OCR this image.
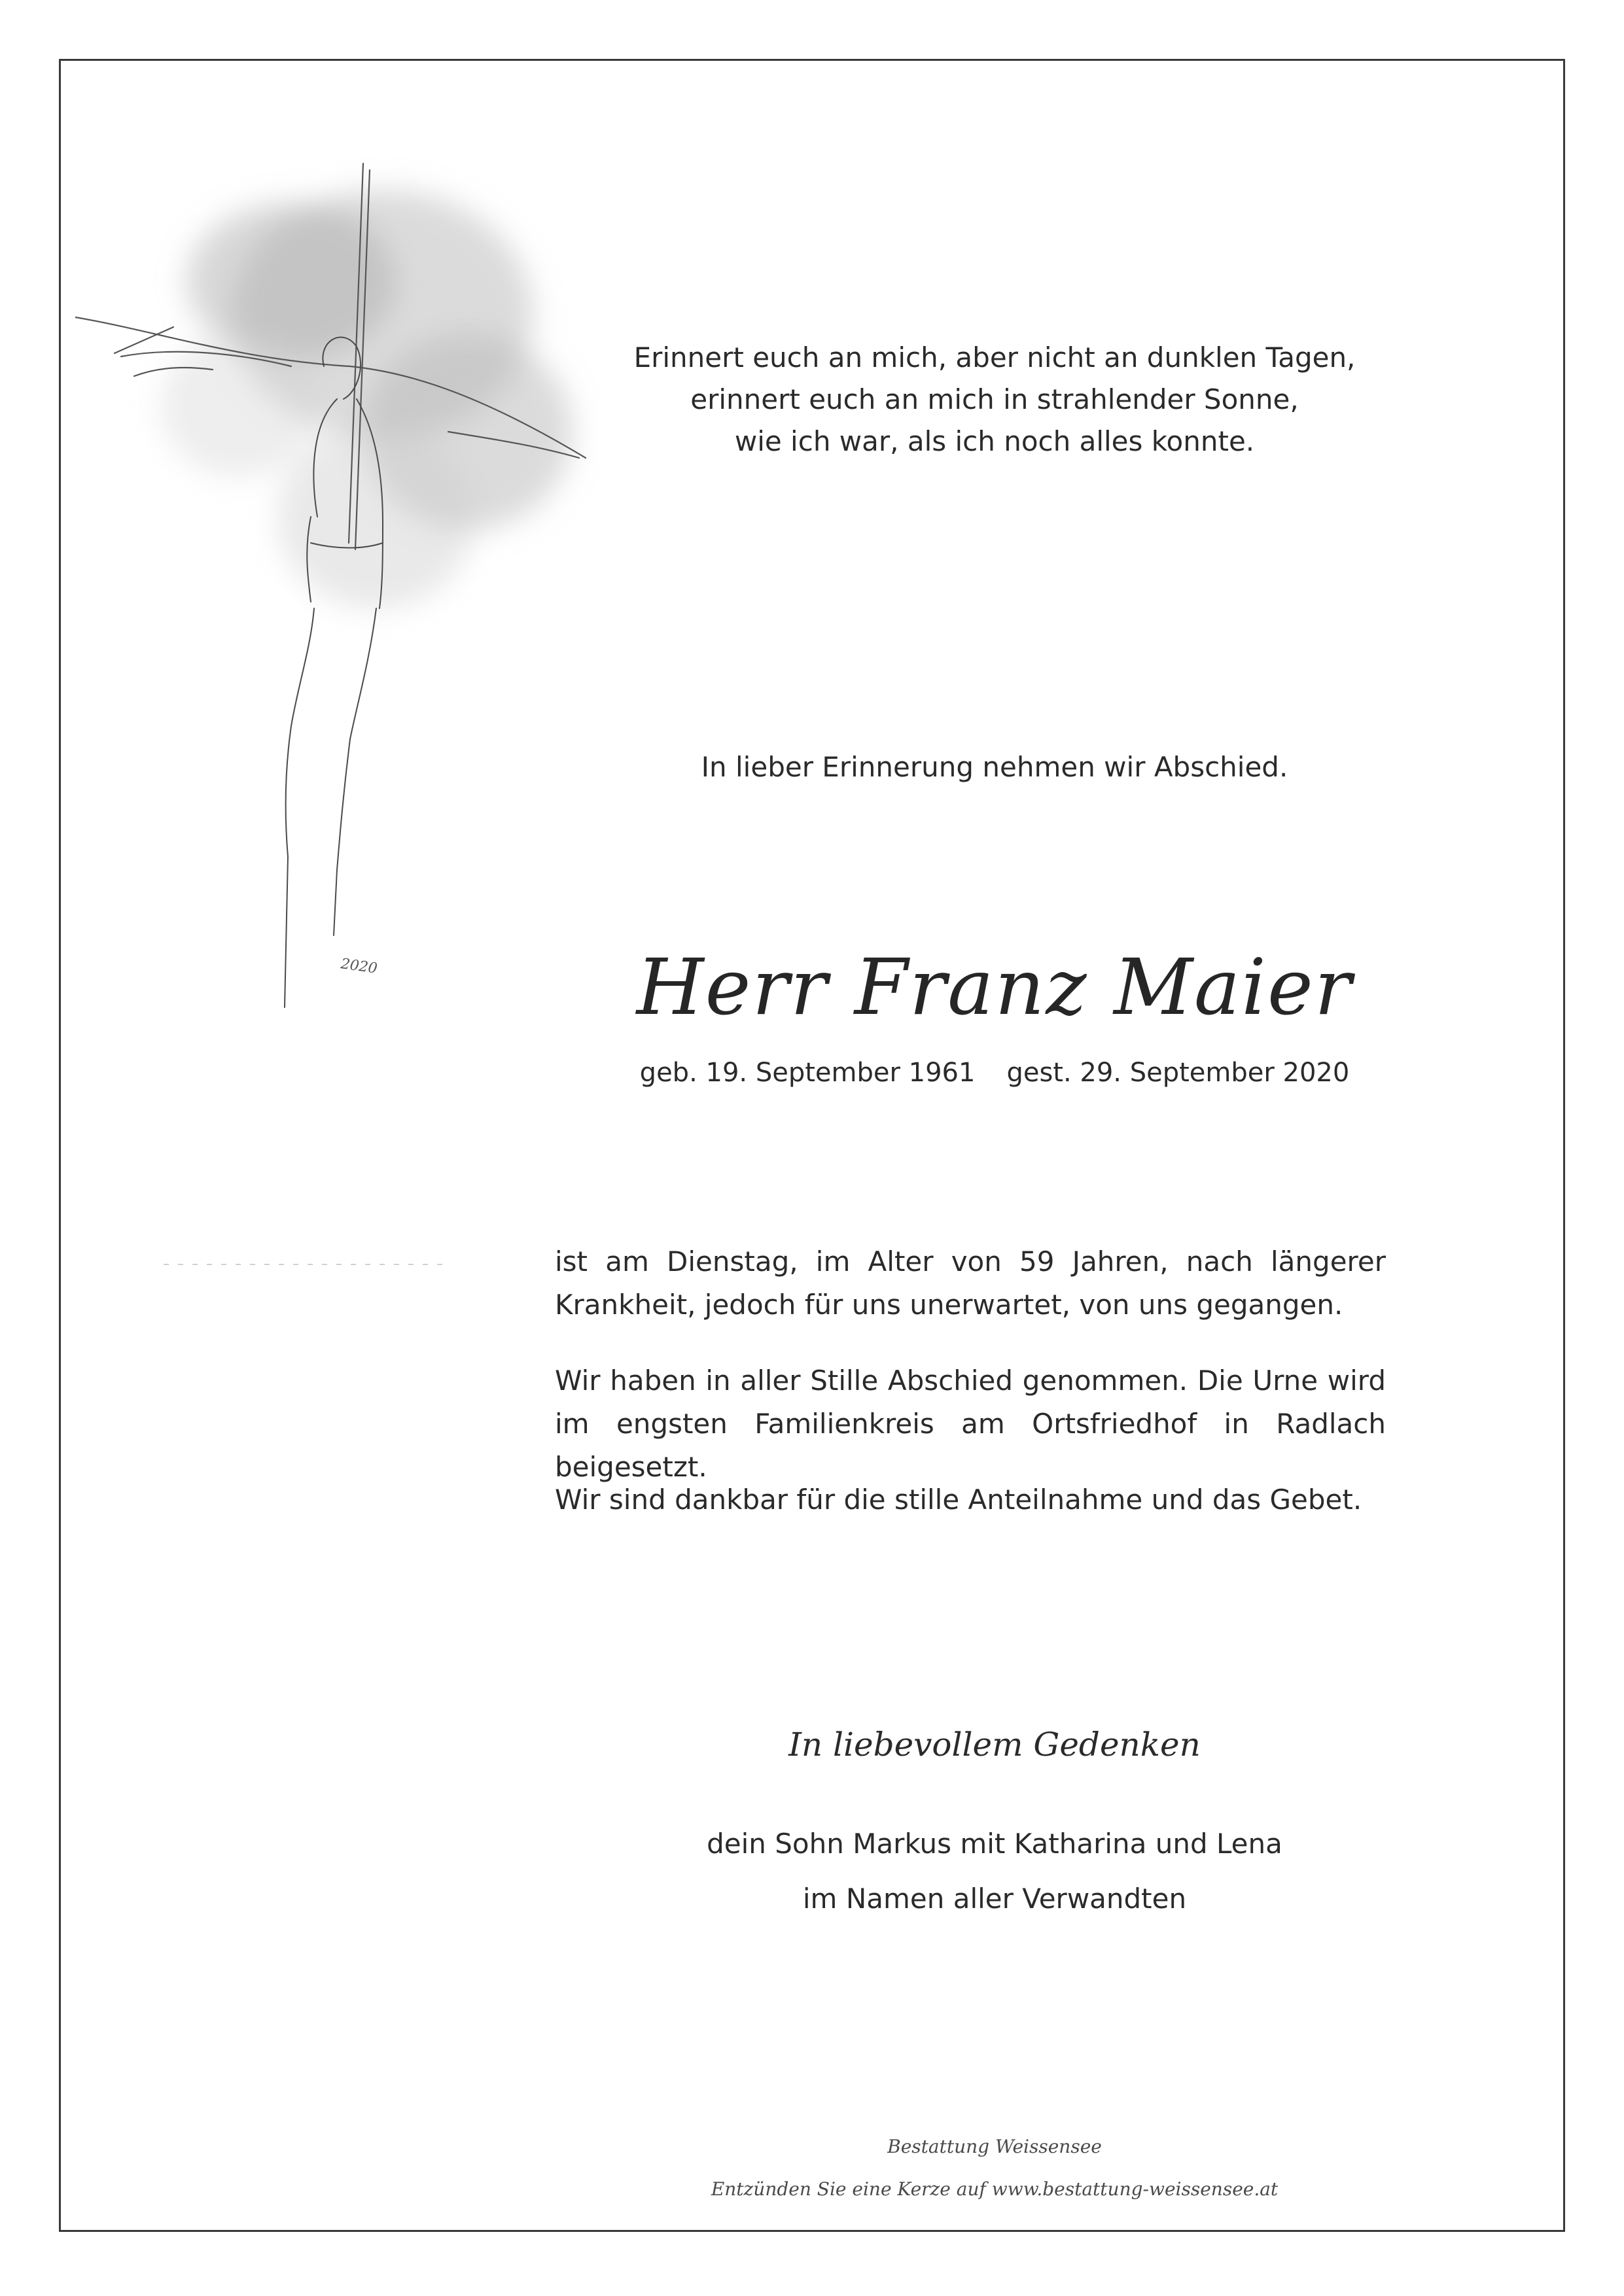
2020
Erinnert euch an mich, aber nicht an dunklen Tagen,
erinnert euch an mich in strahlender Sonne,
wie ich war, als ich noch alles konnte.
In lieber Erinnerung nehmen wir Abschied.
Herr Franz Maier
geb. 19. September 1961 gest. 29. September 2020
ist am Dienstag, im Alter von 59 Jahren, nach längerer Krankheit, jedoch für uns unerwartet, von uns gegangen.
Wir haben in aller Stille Abschied genommen. Die Urne wird im engsten Familienkreis am Ortsfriedhof in Radlach beigesetzt.
Wir sind dankbar für die stille Anteilnahme und das Gebet.
In liebevollem Gedenken
dein Sohn Markus mit Katharina und Lena
im Namen aller Verwandten
Bestattung Weissensee
Entzünden Sie eine Kerze auf www.bestattung-weissensee.at
